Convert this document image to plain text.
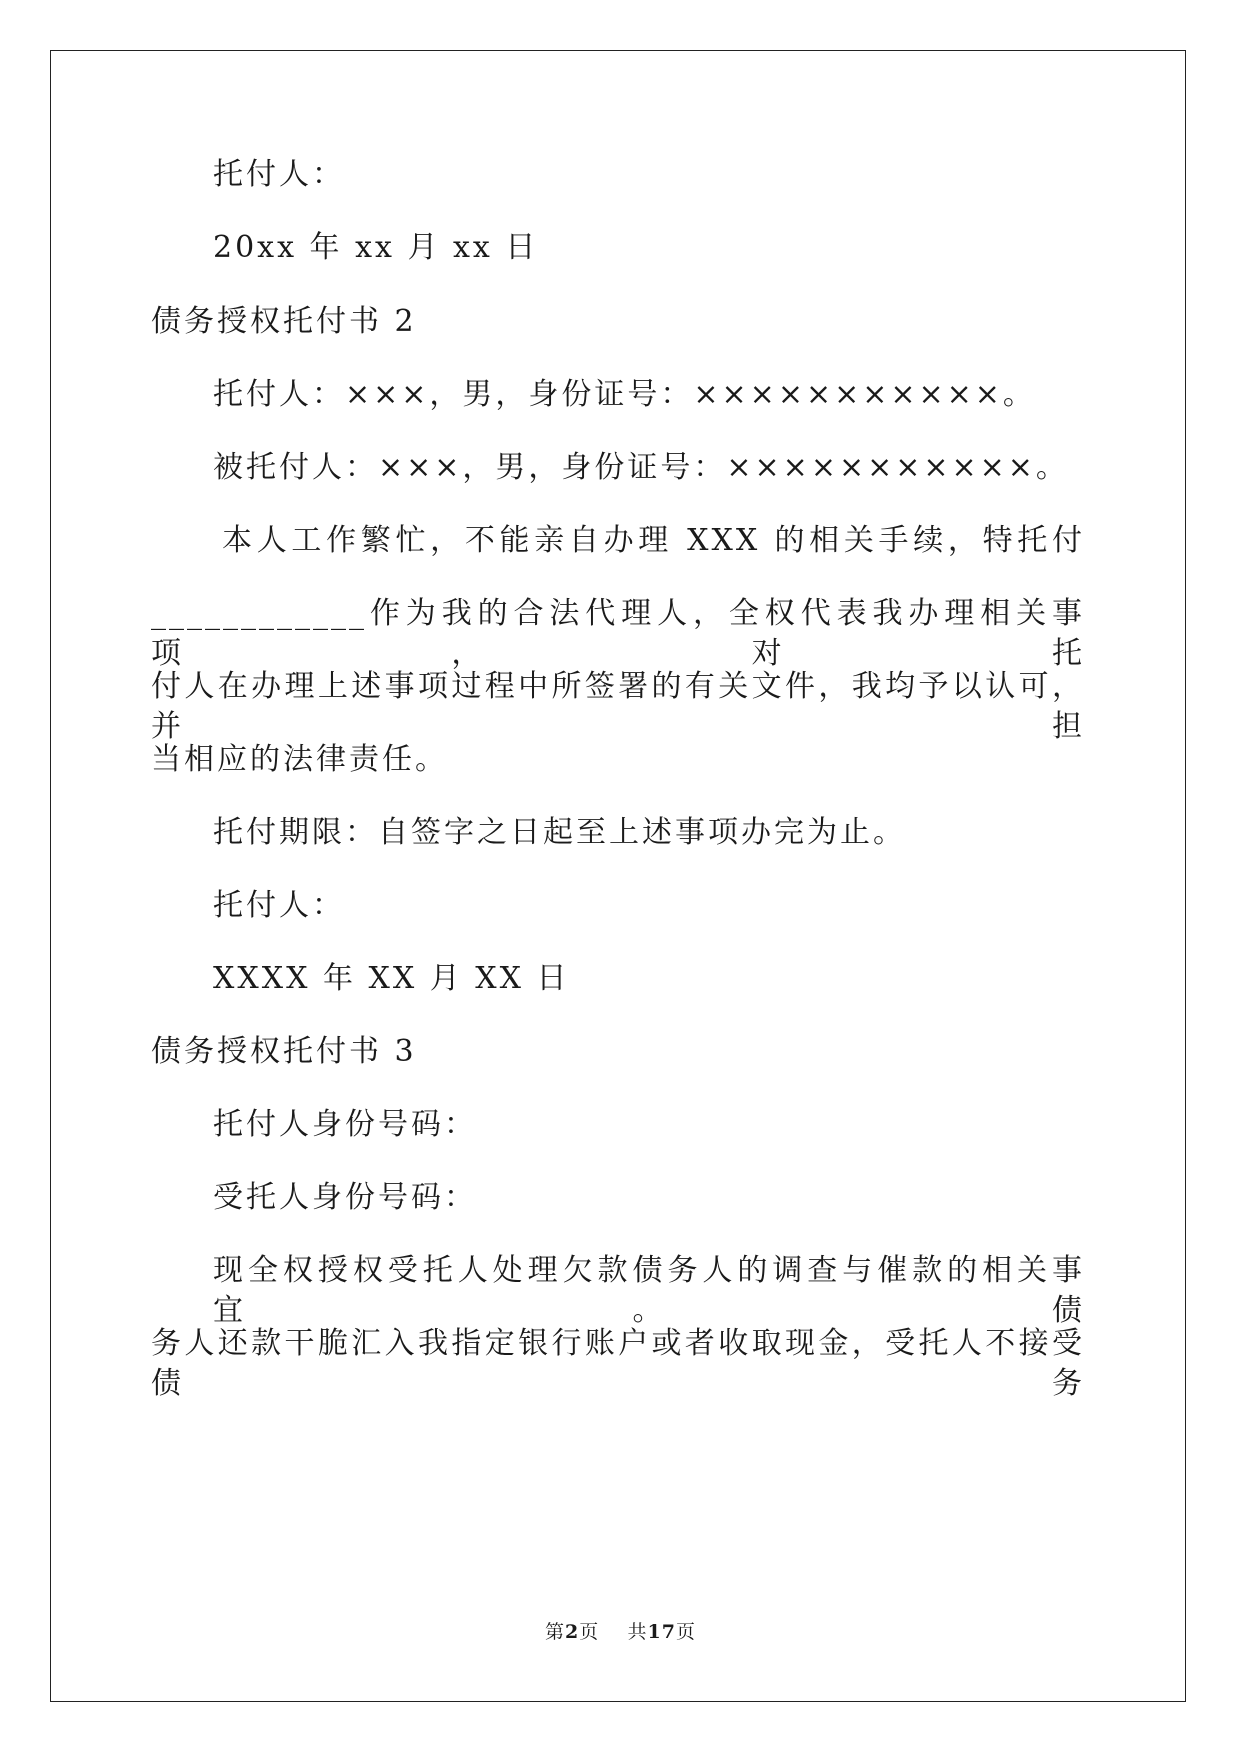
托付人：
20xx 年 xx 月 xx 日
债务授权托付书 2
托付人：×××，男，身份证号：×××××××××××。
被托付人：×××，男，身份证号：×××××××××××。
本人工作繁忙，不能亲自办理 XXX 的相关手续，特托付
____________作为我的合法代理人，全权代表我办理相关事项，对托
付人在办理上述事项过程中所签署的有关文件，我均予以认可，并担
当相应的法律责任。
托付期限：自签字之日起至上述事项办完为止。
托付人：
XXXX 年 XX 月 XX 日
债务授权托付书 3
托付人身份号码：
受托人身份号码：
现全权授权受托人处理欠款债务人的调查与催款的相关事宜。债
务人还款干脆汇入我指定银行账户或者收取现金，受托人不接受债务
第2页 共17页
